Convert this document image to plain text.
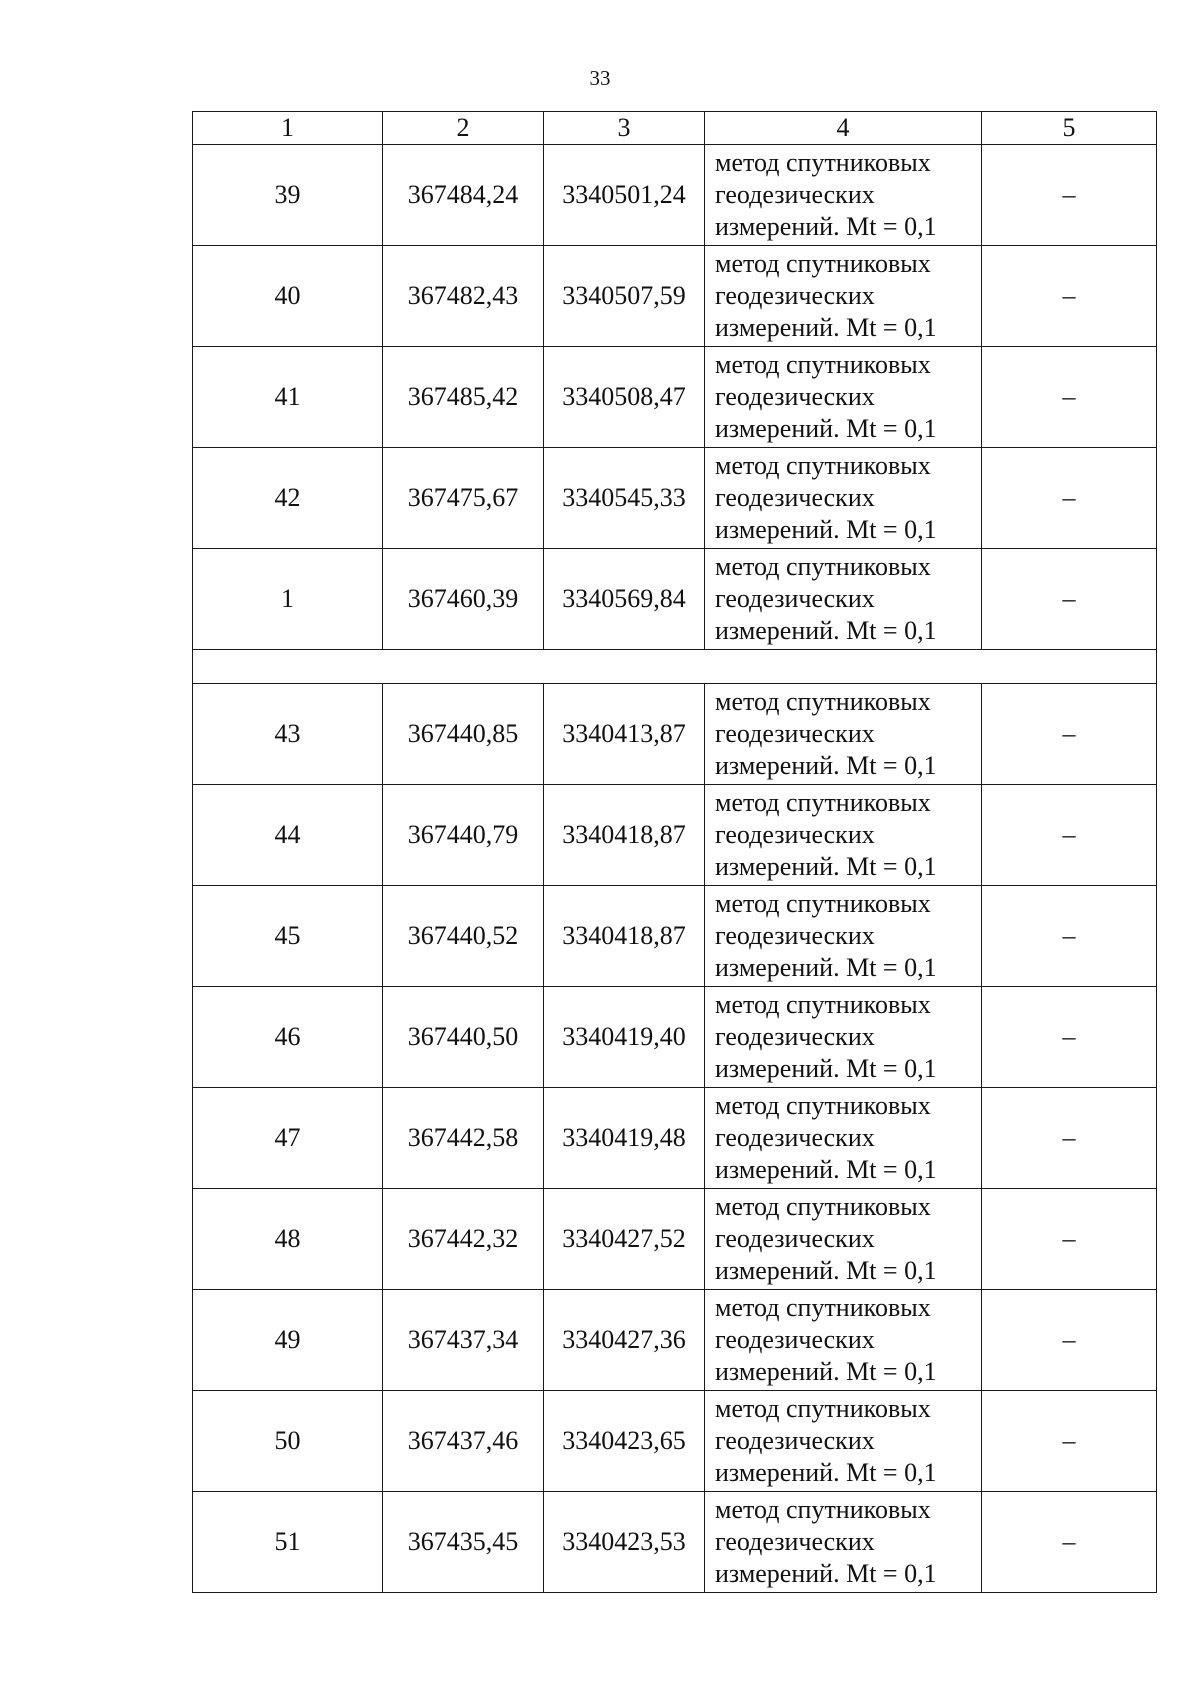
33
1	2	3	4	5
39	367484,24	3340501,24	метод спутниковых
геодезических
измерений. Mt = 0,1	–
40	367482,43	3340507,59	метод спутниковых
геодезических
измерений. Mt = 0,1	–
41	367485,42	3340508,47	метод спутниковых
геодезических
измерений. Mt = 0,1	–
42	367475,67	3340545,33	метод спутниковых
геодезических
измерений. Mt = 0,1	–
1	367460,39	3340569,84	метод спутниковых
геодезических
измерений. Mt = 0,1	–

43	367440,85	3340413,87	метод спутниковых
геодезических
измерений. Mt = 0,1	–
44	367440,79	3340418,87	метод спутниковых
геодезических
измерений. Mt = 0,1	–
45	367440,52	3340418,87	метод спутниковых
геодезических
измерений. Mt = 0,1	–
46	367440,50	3340419,40	метод спутниковых
геодезических
измерений. Mt = 0,1	–
47	367442,58	3340419,48	метод спутниковых
геодезических
измерений. Mt = 0,1	–
48	367442,32	3340427,52	метод спутниковых
геодезических
измерений. Mt = 0,1	–
49	367437,34	3340427,36	метод спутниковых
геодезических
измерений. Mt = 0,1	–
50	367437,46	3340423,65	метод спутниковых
геодезических
измерений. Mt = 0,1	–
51	367435,45	3340423,53	метод спутниковых
геодезических
измерений. Mt = 0,1	–
